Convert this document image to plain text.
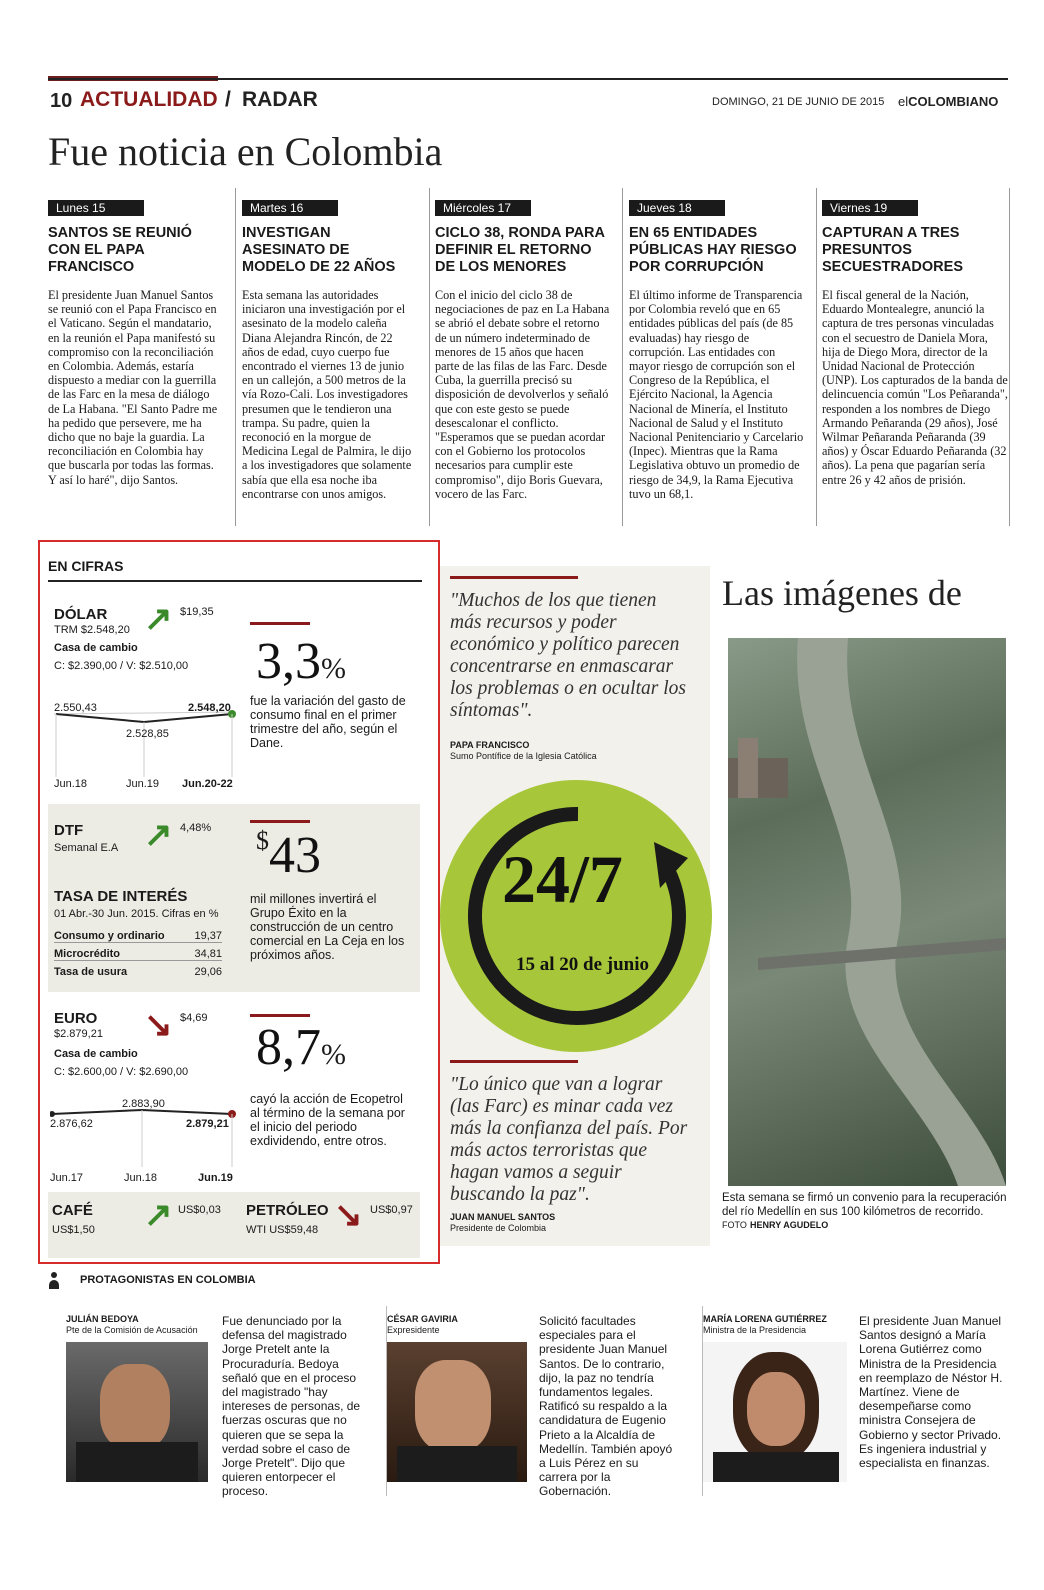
10 ACTUALIDAD / RADAR	DOMINGO, 21 DE JUNIO DE 2015 elCOLOMBIANO
Fue noticia en Colombia
Lunes 15
SANTOS SE REUNIÓ CON EL PAPA FRANCISCO
El presidente Juan Manuel Santos se reunió con el Papa Francisco en el Vaticano. Según el mandatario, en la reunión el Papa manifestó su compromiso con la reconciliación en Colombia. Además, estaría dispuesto a mediar con la guerrilla de las Farc en la mesa de diálogo de La Habana. "El Santo Padre me ha pedido que persevere, me ha dicho que no baje la guardia. La reconciliación en Colombia hay que buscarla por todas las formas. Y así lo haré", dijo Santos.
Martes 16
INVESTIGAN ASESINATO DE MODELO DE 22 AÑOS
Esta semana las autoridades iniciaron una investigación por el asesinato de la modelo caleña Diana Alejandra Rincón, de 22 años de edad, cuyo cuerpo fue encontrado el viernes 13 de junio en un callejón, a 500 metros de la vía Rozo-Cali. Los investigadores presumen que le tendieron una trampa. Su padre, quien la reconoció en la morgue de Medicina Legal de Palmira, le dijo a los investigadores que solamente sabía que ella esa noche iba encontrarse con unos amigos.
Miércoles 17
CICLO 38, RONDA PARA DEFINIR EL RETORNO DE LOS MENORES
Con el inicio del ciclo 38 de negociaciones de paz en La Habana se abrió el debate sobre el retorno de un número indeterminado de menores de 15 años que hacen parte de las filas de las Farc. Desde Cuba, la guerrilla precisó su disposición de devolverlos y señaló que con este gesto se puede desescalonar el conflicto. "Esperamos que se puedan acordar con el Gobierno los protocolos necesarios para cumplir este compromiso", dijo Boris Guevara, vocero de las Farc.
Jueves 18
EN 65 ENTIDADES PÚBLICAS HAY RIESGO POR CORRUPCIÓN
El último informe de Transparencia por Colombia reveló que en 65 entidades públicas del país (de 85 evaluadas) hay riesgo de corrupción. Las entidades con mayor riesgo de corrupción son el Congreso de la República, el Ejército Nacional, la Agencia Nacional de Minería, el Instituto Nacional de Salud y el Instituto Nacional Penitenciario y Carcelario (Inpec). Mientras que la Rama Legislativa obtuvo un promedio de riesgo de 34,9, la Rama Ejecutiva tuvo un 68,1.
Viernes 19
CAPTURAN A TRES PRESUNTOS SECUESTRADORES
El fiscal general de la Nación, Eduardo Montealegre, anunció la captura de tres personas vinculadas con el secuestro de Daniela Mora, hija de Diego Mora, director de la Unidad Nacional de Protección (UNP). Los capturados de la banda de delincuencia común "Los Peñaranda", responden a los nombres de Diego Armando Peñaranda (29 años), José Wilmar Peñaranda Peñaranda (39 años) y Óscar Eduardo Peñaranda (32 años). La pena que pagarían sería entre 26 y 42 años de prisión.
EN CIFRAS
DÓLAR
TRM $2.548,20 ↗ $19,35
Casa de cambio
C: $2.390,00 / V: $2.510,00
2.550,43
2.528,85
2.548,20
Jun.18	Jun.19 Jun.20-22
3,3%
fue la variación del gasto de consumo final en el primer trimestre del año, según el Dane.
DTF
Semanal E.A ↗ 4,48%
TASA DE INTERÉS
01 Abr.-30 Jun. 2015. Cifras en %
Consumo y ordinario	19,37
Microcrédito	34,81
Tasa de usura	29,06
$43
mil millones invertirá el Grupo Éxito en la construcción de un centro comercial en La Ceja en los próximos años.
EURO
$2.879,21 ↘ $4,69
Casa de cambio
C: $2.600,00 / V: $2.690,00
2.883,90
2.876,62	2.879,21
Jun.17	Jun.18	Jun.19
8,7%
cayó la acción de Ecopetrol al término de la semana por el inicio del periodo exdividendo, entre otros.
CAFÉ
US$1,50 ↗ US$0,03 PETRÓLEO
WTI US$59,48 ↘ US$0,97
"Muchos de los que tienen más recursos y poder económico y político parecen concentrarse en enmascarar los problemas o en ocultar los síntomas".
PAPA FRANCISCO
Sumo Pontífice de la Iglesia Católica
24/7
15 al 20 de junio
"Lo único que van a lograr (las Farc) es minar cada vez más la confianza del país. Por más actos terroristas que hagan vamos a seguir buscando la paz".
JUAN MANUEL SANTOS
Presidente de Colombia
Las imágenes de
Esta semana se firmó un convenio para la recuperación del río Medellín en sus 100 kilómetros de recorrido. FOTO HENRY AGUDELO
PROTAGONISTAS EN COLOMBIA
JULIÁN BEDOYA
Pte de la Comisión de Acusación
Fue denunciado por la defensa del magistrado Jorge Pretelt ante la Procuraduría. Bedoya señaló que en el proceso del magistrado "hay intereses de personas, de fuerzas oscuras que no quieren que se sepa la verdad sobre el caso de Jorge Pretelt". Dijo que quieren entorpecer el proceso.
CÉSAR GAVIRIA
Expresidente
Solicitó facultades especiales para el presidente Juan Manuel Santos. De lo contrario, dijo, la paz no tendría fundamentos legales. Ratificó su respaldo a la candidatura de Eugenio Prieto a la Alcaldía de Medellín. También apoyó a Luis Pérez en su carrera por la Gobernación.
MARÍA LORENA GUTIÉRREZ
Ministra de la Presidencia
El presidente Juan Manuel Santos designó a María Lorena Gutiérrez como Ministra de la Presidencia en reemplazo de Néstor H. Martínez. Viene de desempeñarse como ministra Consejera de Gobierno y sector Privado. Es ingeniera industrial y especialista en finanzas.
